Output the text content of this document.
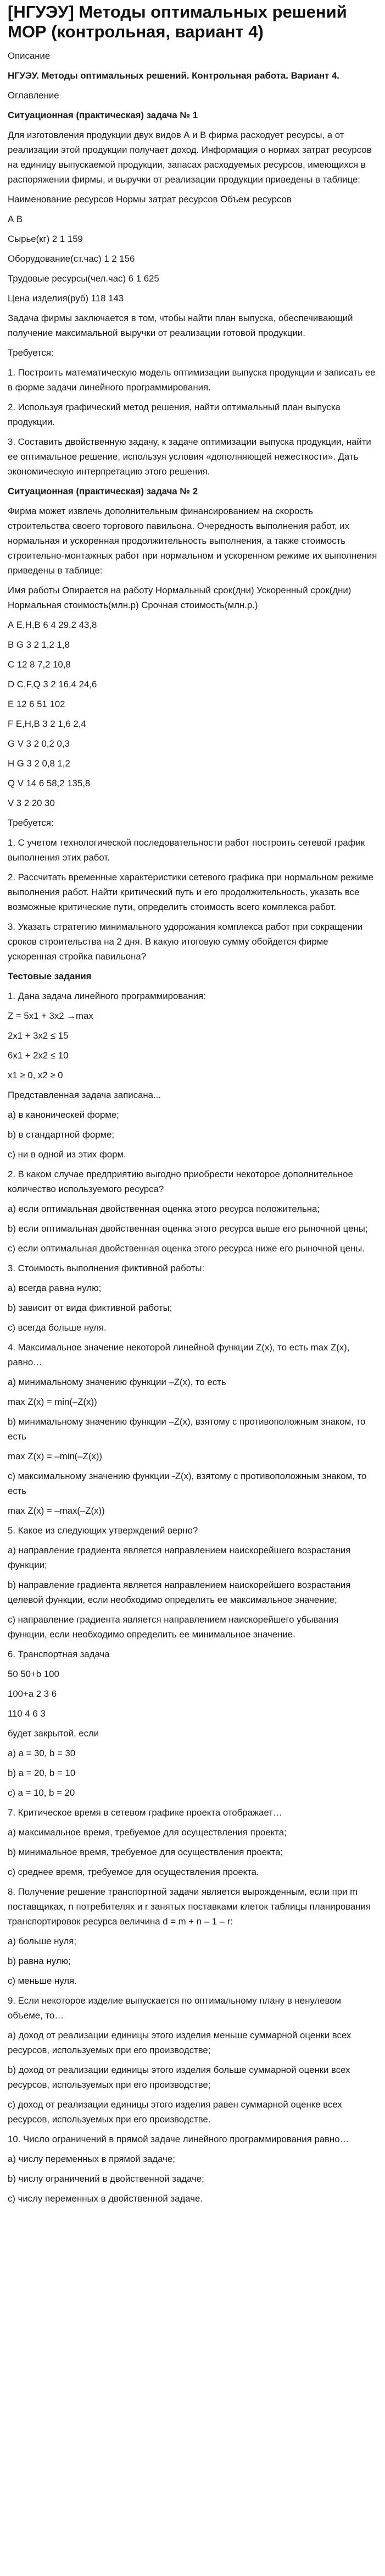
[НГУЭУ] Методы оптимальных решений МОР (контрольная, вариант 4)
Описание
НГУЭУ. Методы оптимальных решений. Контрольная работа. Вариант 4.
Оглавление
Ситуационная (практическая) задача № 1
Для изготовления продукции двух видов А и В фирма расходует ресурсы, а от реализации этой продукции получает доход. Информация о нормах затрат ресурсов на единицу выпускаемой продукции, запасах расходуемых ресурсов, имеющихся в распоряжении фирмы, и выручки от реализации продукции приведены в таблице:
Наименование ресурсов Нормы затрат ресурсов Объем ресурсов
А В
Сырье(кг) 2 1 159
Оборудование(ст.час) 1 2 156
Трудовые ресурсы(чел.час) 6 1 625
Цена изделия(руб) 118 143
Задача фирмы заключается в том, чтобы найти план выпуска, обеспечивающий получение максимальной выручки от реализации готовой продукции.
Требуется:
1. Построить математическую модель оптимизации выпуска продукции и записать ее в форме задачи линейного программирования.
2. Используя графический метод решения, найти оптимальный план выпуска продукции.
3. Составить двойственную задачу, к задаче оптимизации выпуска продукции, найти ее оптимальное решение, используя условия «дополняющей нежесткости». Дать экономическую интерпретацию этого решения.
Ситуационная (практическая) задача № 2
Фирма может извлечь дополнительным финансированием на скорость строительства своего торгового павильона. Очередность выполнения работ, их нормальная и ускоренная продолжительность выполнения, а также стоимость строительно-монтажных работ при нормальном и ускоренном режиме их выполнения приведены в таблице:
Имя работы Опирается на работу Нормальный срок(дни) Ускоренный срок(дни) Нормальная стоимость(млн.р) Срочная стоимость(млн.р.)
А Е,Н,В 6 4 29,2 43,8
В G 3 2 1,2 1,8
С 12 8 7,2 10,8
D С,F,Q 3 2 16,4 24,6
Е 12 6 51 102
F Е,Н,В 3 2 1,6 2,4
G V 3 2 0,2 0,3
Н G 3 2 0,8 1,2
Q V 14 6 58,2 135,8
V 3 2 20 30
Требуется:
1. С учетом технологической последовательности работ построить сетевой график выполнения этих работ.
2. Рассчитать временные характеристики сетевого графика при нормальном режиме выполнения работ. Найти критический путь и его продолжительность, указать все возможные критические пути, определить стоимость всего комплекса работ.
3. Указать стратегию минимального удорожания комплекса работ при сокращении сроков строительства на 2 дня. В какую итоговую сумму обойдется фирме ускоренная стройка павильона?
Тестовые задания
1. Дана задача линейного программирования:
Z = 5x1 + 3x2 →max
2x1 + 3x2 ≤ 15
6x1 + 2x2 ≤ 10
x1 ≥ 0, x2 ≥ 0
Представленная задача записана...
a) в каноническей форме;
b) в стандартной форме;
c) ни в одной из этих форм.
2. В каком случае предприятию выгодно приобрести некоторое дополнительное количество используемого ресурса?
а) если оптимальная двойственная оценка этого ресурса положительна;
b) если оптимальная двойственная оценка этого ресурса выше его рыночной цены;
c) если оптимальная двойственная оценка этого ресурса ниже его рыночной цены.
3. Стоимость выполнения фиктивной работы:
а) всегда равна нулю;
b) зависит от вида фиктивной работы;
c) всегда больше нуля.
4. Максимальное значение некоторой линейной функции Z(x), то есть max Z(x), равно…
а) минимальному значению функции –Z(x), то есть
max Z(x) = min(–Z(x))
b) минимальному значению функции –Z(x), взятому с противоположным знаком, то есть
max Z(x) = –min(–Z(x))
c) максимальному значению функции -Z(x), взятому с противоположным знаком, то есть
max Z(x) = –max(–Z(x))
5. Какое из следующих утверждений верно?
а) направление градиента является направлением наискорейшего возрастания функции;
b) направление градиента является направлением наискорейшего возрастания целевой функции, если необходимо определить ее максимальное значение;
c) направление градиента является направлением наискорейшего убывания функции, если необходимо определить ее минимальное значение.
6. Транспортная задача
50 50+b 100
100+a 2 3 6
110 4 6 3
будет закрытой, если
a) a = 30, b = 30
b) a = 20, b = 10
c) a = 10, b = 20
7. Критическое время в сетевом графике проекта отображает…
a) максимальное время, требуемое для осуществления проекта;
b) минимальное время, требуемое для осуществления проекта;
c) среднее время, требуемое для осуществления проекта.
8. Получение решение транспортной задачи является вырожденным, если при m поставщиках, n потребителях и r занятых поставками клеток таблицы планирования транспортировок ресурса величина d = m + n – 1 – r:
а) больше нуля;
b) равна нулю;
c) меньше нуля.
9. Если некоторое изделие выпускается по оптимальному плану в ненулевом объеме, то…
а) доход от реализации единицы этого изделия меньше суммарной оценки всех ресурсов, используемых при его производстве;
b) доход от реализации единицы этого изделия больше суммарной оценки всех ресурсов, используемых при его производстве;
c) доход от реализации единицы этого изделия равен суммарной оценке всех ресурсов, используемых при его производстве.
10. Число ограничений в прямой задаче линейного программирования равно…
а) числу переменных в прямой задаче;
b) числу ограничений в двойственной задаче;
c) числу переменных в двойственной задаче.
